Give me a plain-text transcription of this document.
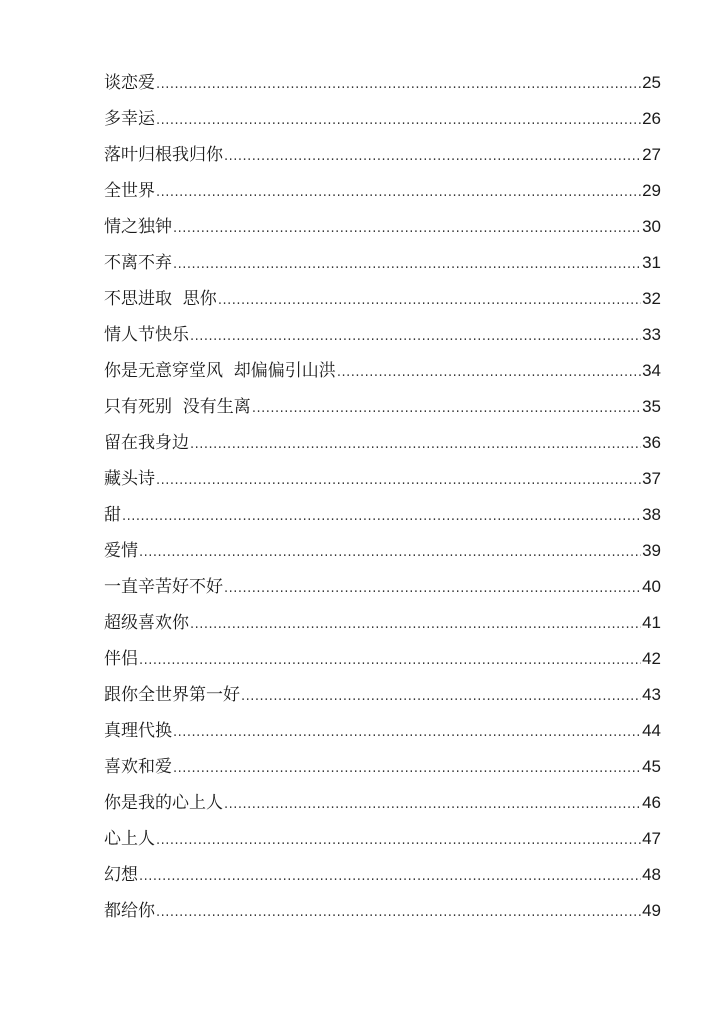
谈恋爱 .....	25
多幸运 .....	26
落叶归根我归你 .....	27
全世界 .....	29
情之独钟 .....	30
不离不弃 .....	31
不思进取  思你 .....	32
情人节快乐 .....	33
你是无意穿堂风  却偏偏引山洪 .....	34
只有死别  没有生离 .....	35
留在我身边 .....	36
藏头诗 .....	37
甜 .....	38
爱情 .....	39
一直辛苦好不好 .....	40
超级喜欢你 .....	41
伴侣 .....	42
跟你全世界第一好 .....	43
真理代换 .....	44
喜欢和爱 .....	45
你是我的心上人 .....	46
心上人 .....	47
幻想 .....	48
都给你 .....	49
